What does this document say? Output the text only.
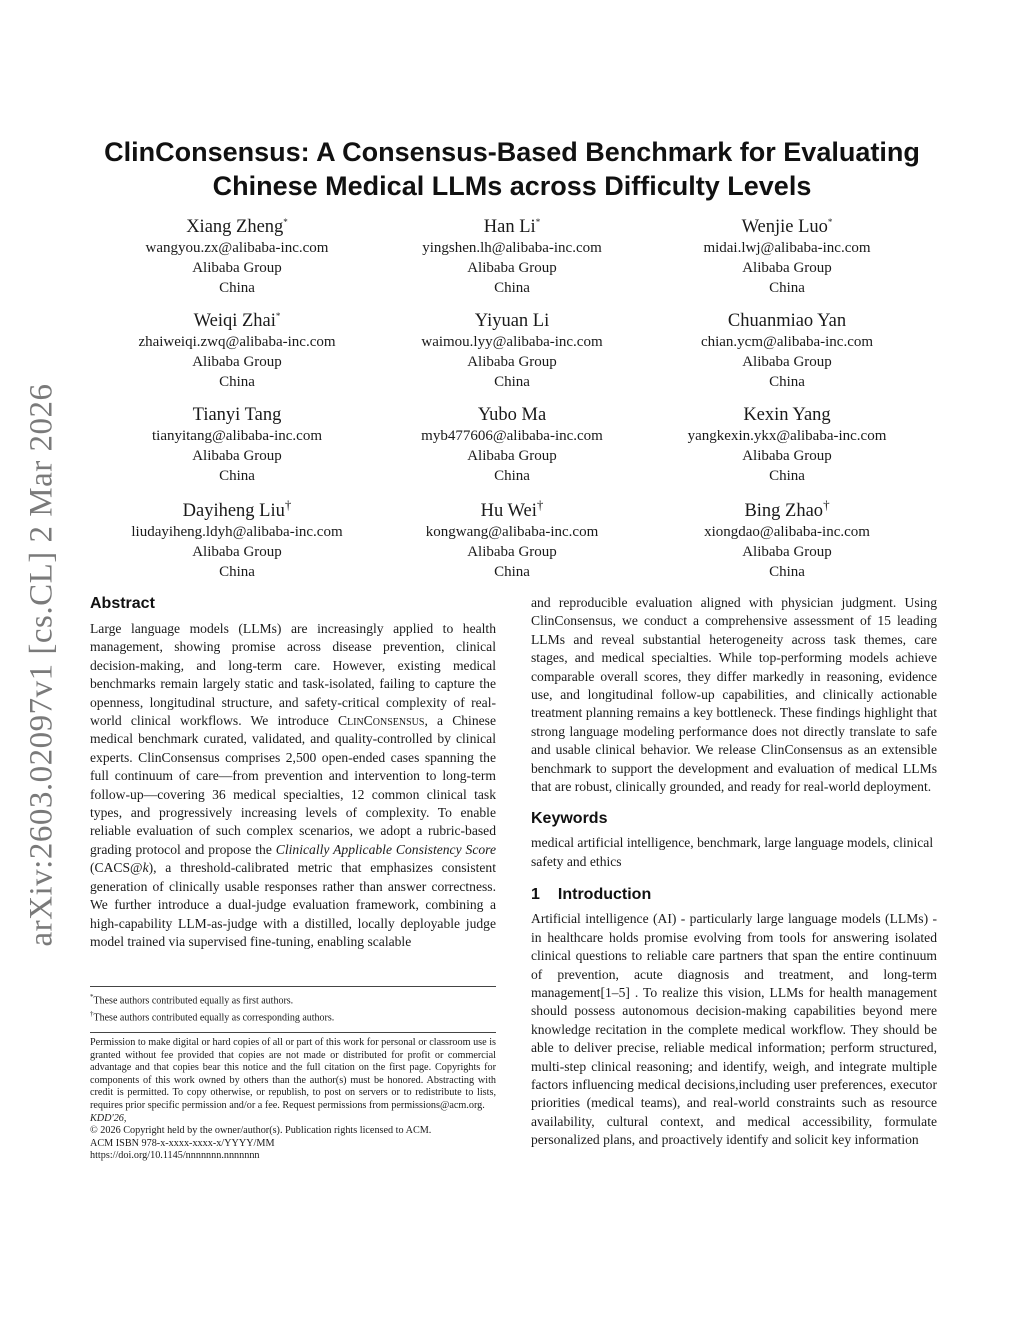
arXiv:2603.02097v1 [cs.CL] 2 Mar 2026
ClinConsensus: A Consensus-Based Benchmark for Evaluating
Chinese Medical LLMs across Difficulty Levels
Xiang Zheng*
wangyou.zx@alibaba-inc.com
Alibaba Group
China
Han Li*
yingshen.lh@alibaba-inc.com
Alibaba Group
China
Wenjie Luo*
midai.lwj@alibaba-inc.com
Alibaba Group
China
Weiqi Zhai*
zhaiweiqi.zwq@alibaba-inc.com
Alibaba Group
China
Yiyuan Li
waimou.lyy@alibaba-inc.com
Alibaba Group
China
Chuanmiao Yan
chian.ycm@alibaba-inc.com
Alibaba Group
China
Tianyi Tang
tianyitang@alibaba-inc.com
Alibaba Group
China
Yubo Ma
myb477606@alibaba-inc.com
Alibaba Group
China
Kexin Yang
yangkexin.ykx@alibaba-inc.com
Alibaba Group
China
Dayiheng Liu†
liudayiheng.ldyh@alibaba-inc.com
Alibaba Group
China
Hu Wei†
kongwang@alibaba-inc.com
Alibaba Group
China
Bing Zhao†
xiongdao@alibaba-inc.com
Alibaba Group
China
Abstract

Large language models (LLMs) are increasingly applied to health management, showing promise across disease prevention, clinical decision-making, and long-term care. However, existing medical benchmarks remain largely static and task-isolated, failing to capture the openness, longitudinal structure, and safety-critical complexity of real-world clinical workflows. We introduce ClinConsensus, a Chinese medical benchmark curated, validated, and quality-controlled by clinical experts. ClinConsensus comprises 2,500 open-ended cases spanning the full continuum of care—from prevention and intervention to long-term follow-up—covering 36 medical specialties, 12 common clinical task types, and progressively increasing levels of complexity. To enable reliable evaluation of such complex scenarios, we adopt a rubric-based grading protocol and propose the Clinically Applicable Consistency Score (CACS@k), a threshold-calibrated metric that emphasizes consistent generation of clinically usable responses rather than answer correctness. We further introduce a dual-judge evaluation framework, combining a high-capability LLM-as-judge with a distilled, locally deployable judge model trained via supervised fine-tuning, enabling scalable

and reproducible evaluation aligned with physician judgment. Using ClinConsensus, we conduct a comprehensive assessment of 15 leading LLMs and reveal substantial heterogeneity across task themes, care stages, and medical specialties. While top-performing models achieve comparable overall scores, they differ markedly in reasoning, evidence use, and longitudinal follow-up capabilities, and clinically actionable treatment planning remains a key bottleneck. These findings highlight that strong language modeling performance does not directly translate to safe and usable clinical behavior. We release ClinConsensus as an extensible benchmark to support the development and evaluation of medical LLMs that are robust, clinically grounded, and ready for real-world deployment.

Keywords

medical artificial intelligence, benchmark, large language models, clinical safety and ethics

1 Introduction

Artificial intelligence (AI) - particularly large language models (LLMs) - in healthcare holds promise evolving from tools for answering isolated clinical questions to reliable care partners that span the entire continuum of prevention, acute diagnosis and treatment, and long-term management[1–5] . To realize this vision, LLMs for health management should possess autonomous decision-making capabilities beyond mere knowledge recitation in the complete medical workflow. They should be able to deliver precise, reliable medical information; perform structured, multi-step clinical reasoning; and identify, weigh, and integrate multiple factors influencing medical decisions,including user preferences, executor priorities (medical teams), and real-world constraints such as resource availability, cultural context, and medical accessibility, formulate personalized plans, and proactively identify and solicit key information

*These authors contributed equally as first authors.
†These authors contributed equally as corresponding authors.
Permission to make digital or hard copies of all or part of this work for personal or classroom use is granted without fee provided that copies are not made or distributed for profit or commercial advantage and that copies bear this notice and the full citation on the first page. Copyrights for components of this work owned by others than the author(s) must be honored. Abstracting with credit is permitted. To copy otherwise, or republish, to post on servers or to redistribute to lists, requires prior specific permission and/or a fee. Request permissions from permissions@acm.org.
KDD'26,
© 2026 Copyright held by the owner/author(s). Publication rights licensed to ACM.
ACM ISBN 978-x-xxxx-xxxx-x/YYYY/MM
https://doi.org/10.1145/nnnnnnn.nnnnnnn
